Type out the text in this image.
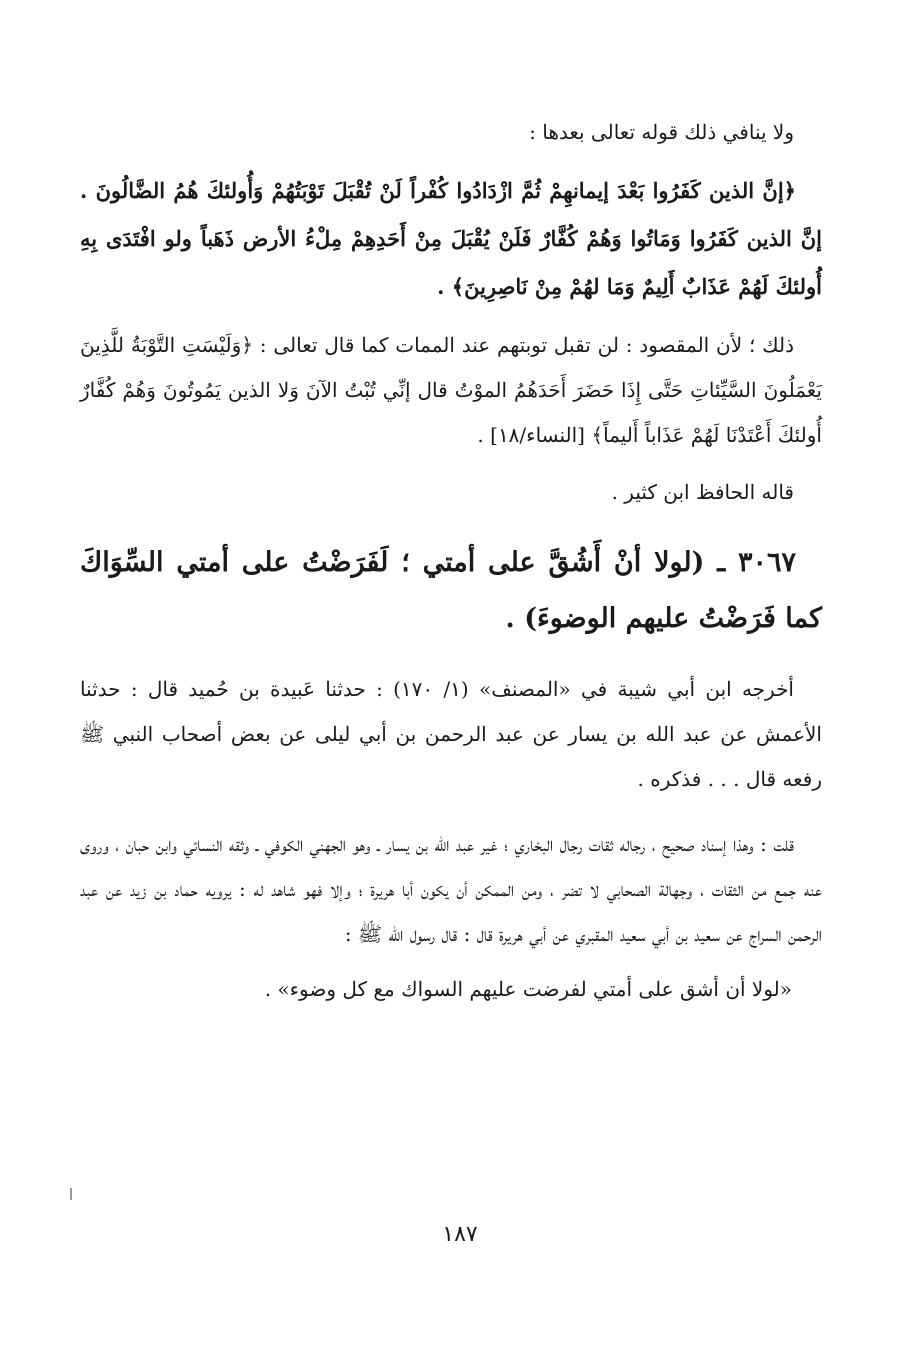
ولا ينافي ذلك قوله تعالى بعدها :

﴿إنَّ الذين كَفَرُوا بَعْدَ إيمانهِمْ ثُمَّ ازْدَادُوا كُفْراً لَنْ تُقْبَلَ تَوْبَتُهُمْ وَأُولئكَ هُمُ الضَّالُونَ . إنَّ الذين كَفَرُوا وَمَاتُوا وَهُمْ كُفَّارٌ فَلَنْ يُقْبَلَ مِنْ أَحَدِهِمْ مِلْءُ الأرض ذَهَباً ولو افْتَدَى بِهِ أُولئكَ لَهُمْ عَذَابٌ أَلِيمٌ وَمَا لهُمْ مِنْ نَاصِرِينَ﴾ .

ذلك ؛ لأن المقصود : لن تقبل توبتهم عند الممات كما قال تعالى : ﴿وَلَيْسَتِ التَّوْبَةُ للَّذِينَ يَعْمَلُونَ السَّيِّئاتِ حَتَّى إِذَا حَضَرَ أَحَدَهُمُ الموْتُ قال إنِّي تُبْتُ الآنَ وَلا الذين يَمُوتُونَ وَهُمْ كُفَّارٌ أُولئكَ أَعْتَدْنَا لَهُمْ عَذَاباً أَليماً﴾ [النساء/١٨] .

قاله الحافظ ابن كثير .

٣٠٦٧ ـ (لولا أنْ أَشُقَّ على أمتي ؛ لَفَرَضْتُ على أمتي السِّوَاكَ كما فَرَضْتُ عليهم الوضوءَ) .

أخرجه ابن أبي شيبة في «المصنف» (١/ ١٧٠) : حدثنا عَبيدة بن حُميد قال : حدثنا الأعمش عن عبد الله بن يسار عن عبد الرحمن بن أبي ليلى عن بعض أصحاب النبي ﷺ رفعه قال . . . فذكره .

قلت : وهذا إسناد صحيح ، رجاله ثقات رجال البخاري ؛ غير عبد الله بن يسار ـ وهو الجهني الكوفي ـ وثقه النسائي وابن حبان ، وروى عنه جمع من الثقات ، وجهالة الصحابي لا تضر ، ومن الممكن أن يكون أبا هريرة ؛ وإلا فهو شاهد له : يرويه حماد بن زيد عن عبد الرحمن السراج عن سعيد بن أبي سعيد المقبري عن أبي هريرة قال : قال رسول الله ﷺ :

«لولا أن أشق على أمتي لفرضت عليهم السواك مع كل وضوء» .

١٨٧
